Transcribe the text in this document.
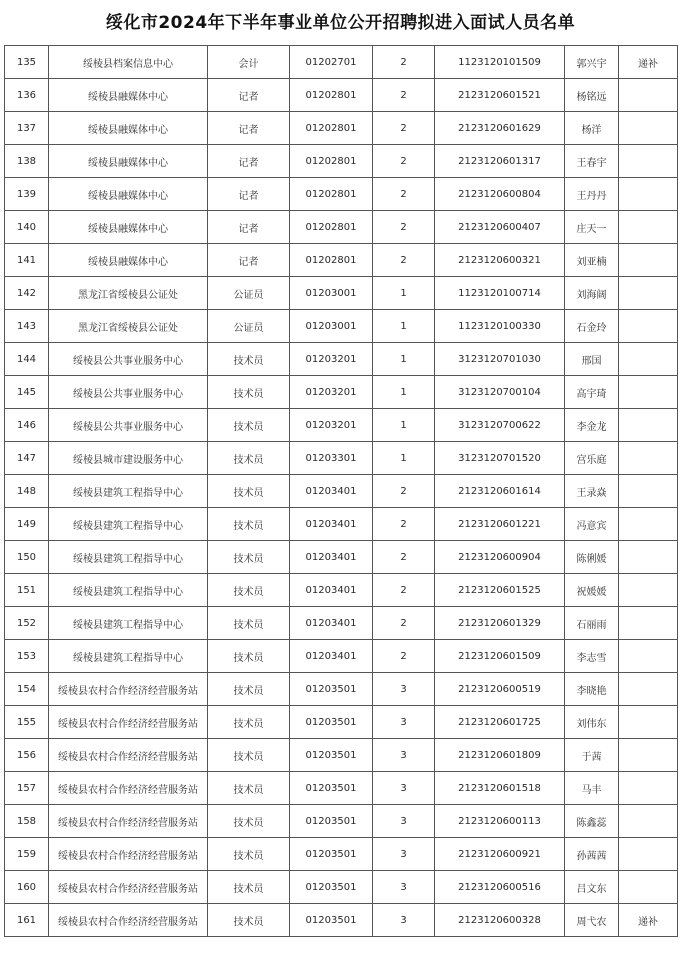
绥化市2024年下半年事业单位公开招聘拟进入面试人员名单
135	绥棱县档案信息中心	会计	01202701	2	1123120101509	郭兴宇	递补
136	绥棱县融媒体中心	记者	01202801	2	2123120601521	杨铭远	
137	绥棱县融媒体中心	记者	01202801	2	2123120601629	杨洋	
138	绥棱县融媒体中心	记者	01202801	2	2123120601317	王春宇	
139	绥棱县融媒体中心	记者	01202801	2	2123120600804	王丹丹	
140	绥棱县融媒体中心	记者	01202801	2	2123120600407	庄天一	
141	绥棱县融媒体中心	记者	01202801	2	2123120600321	刘亚楠	
142	黑龙江省绥棱县公证处	公证员	01203001	1	1123120100714	刘海阔	
143	黑龙江省绥棱县公证处	公证员	01203001	1	1123120100330	石金玲	
144	绥棱县公共事业服务中心	技术员	01203201	1	3123120701030	邢国	
145	绥棱县公共事业服务中心	技术员	01203201	1	3123120700104	高宇琦	
146	绥棱县公共事业服务中心	技术员	01203201	1	3123120700622	李金龙	
147	绥棱县城市建设服务中心	技术员	01203301	1	3123120701520	宫乐庭	
148	绥棱县建筑工程指导中心	技术员	01203401	2	2123120601614	王录焱	
149	绥棱县建筑工程指导中心	技术员	01203401	2	2123120601221	冯意宾	
150	绥棱县建筑工程指导中心	技术员	01203401	2	2123120600904	陈俐媛	
151	绥棱县建筑工程指导中心	技术员	01203401	2	2123120601525	祝媛媛	
152	绥棱县建筑工程指导中心	技术员	01203401	2	2123120601329	石丽雨	
153	绥棱县建筑工程指导中心	技术员	01203401	2	2123120601509	李志雪	
154	绥棱县农村合作经济经营服务站	技术员	01203501	3	2123120600519	李晓艳	
155	绥棱县农村合作经济经营服务站	技术员	01203501	3	2123120601725	刘伟东	
156	绥棱县农村合作经济经营服务站	技术员	01203501	3	2123120601809	于茜	
157	绥棱县农村合作经济经营服务站	技术员	01203501	3	2123120601518	马丰	
158	绥棱县农村合作经济经营服务站	技术员	01203501	3	2123120600113	陈鑫蕊	
159	绥棱县农村合作经济经营服务站	技术员	01203501	3	2123120600921	孙茜茜	
160	绥棱县农村合作经济经营服务站	技术员	01203501	3	2123120600516	吕文东	
161	绥棱县农村合作经济经营服务站	技术员	01203501	3	2123120600328	周弋农	递补
